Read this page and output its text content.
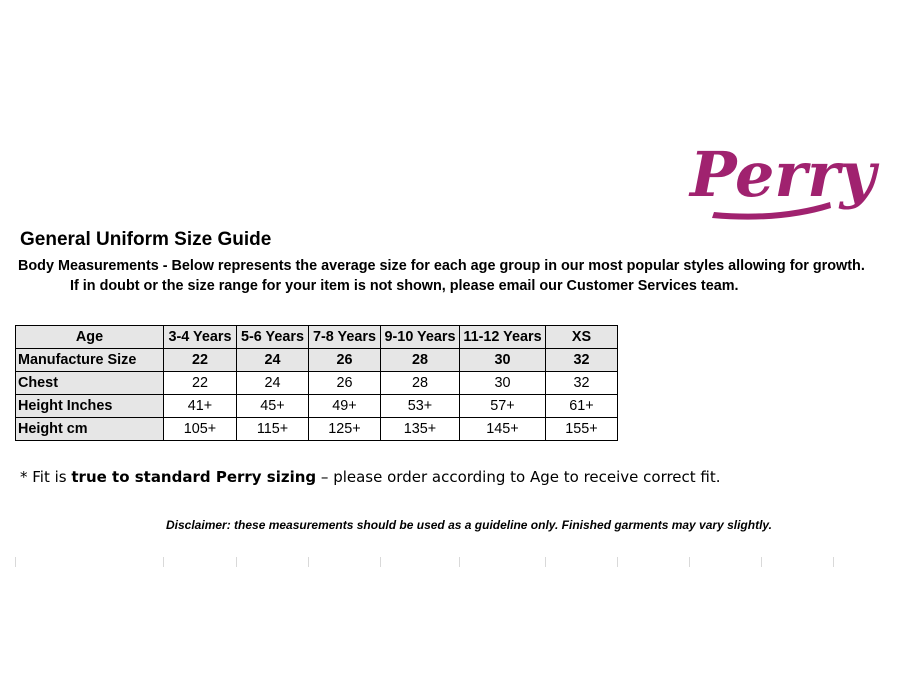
Perry
General Uniform Size Guide
Body Measurements - Below represents the average size for each age group in our most popular styles allowing for growth.
If in doubt or the size range for your item is not shown, please email our Customer Services team.
Age	3-4 Years	5-6 Years	7-8 Years	9-10 Years	11-12 Years	XS
Manufacture Size	22	24	26	28	30	32
Chest	22	24	26	28	30	32
Height Inches	41+	45+	49+	53+	57+	61+
Height cm	105+	115+	125+	135+	145+	155+
* Fit is true to standard Perry sizing – please order according to Age to receive correct fit.
Disclaimer: these measurements should be used as a guideline only. Finished garments may vary slightly.
